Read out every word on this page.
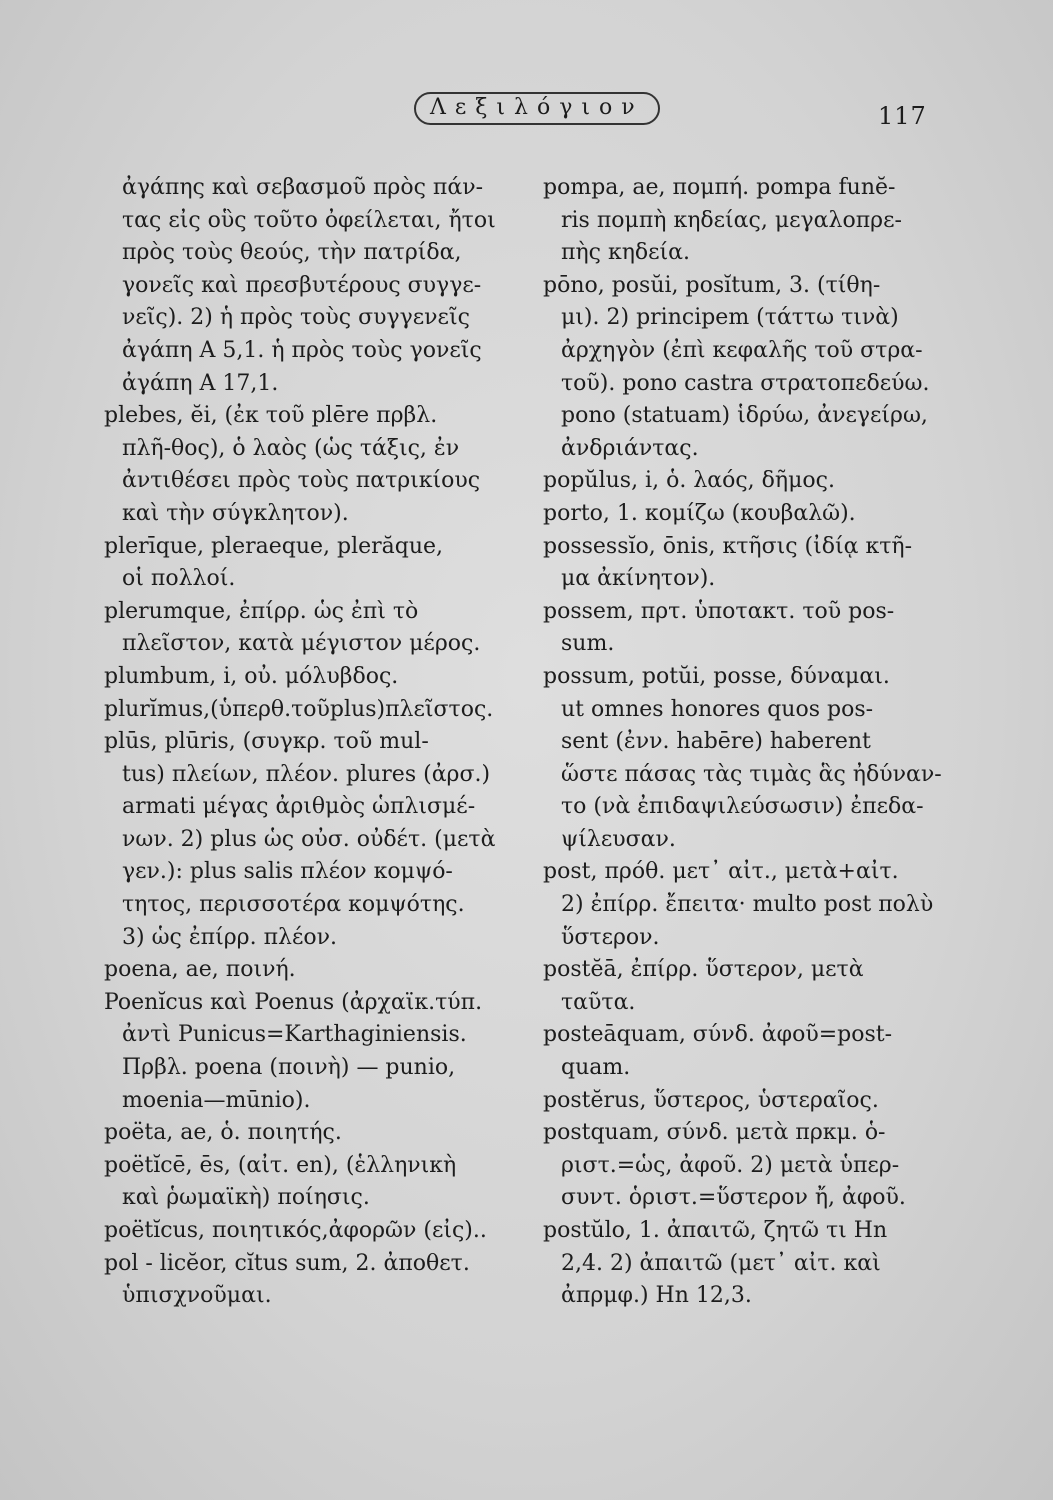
Λεξιλόγιον	117
ἀγάπης καὶ σεβασμοῦ πρὸς πάν-
τας εἰς οὓς τοῦτο ὀφείλεται, ἤτοι
πρὸς τοὺς θεούς, τὴν πατρίδα,
γονεῖς καὶ πρεσβυτέρους συγγε-
νεῖς). 2) ἡ πρὸς τοὺς συγγενεῖς
ἀγάπη Α 5,1. ἡ πρὸς τοὺς γονεῖς
ἀγάπη Α 17,1.
plebes, ĕi, (ἐκ τοῦ plēre πρβλ.
πλῆ-θος), ὁ λαὸς (ὡς τάξις, ἐν
ἀντιθέσει πρὸς τοὺς πατρικίους
καὶ τὴν σύγκλητον).
plerīque, pleraeque, plerăque,
οἱ πολλοί.
plerumque, ἐπίρρ. ὡς ἐπὶ τὸ
πλεῖστον, κατὰ μέγιστον μέρος.
plumbum, i, οὐ. μόλυβδος.
plurĭmus,(ὑπερθ.τοῦplus)πλεῖστος.
plūs, plūris, (συγκρ. τοῦ mul-
tus) πλείων, πλέον. plures (ἀρσ.)
armati μέγας ἀριθμὸς ὡπλισμέ-
νων. 2) plus ὡς οὐσ. οὐδέτ. (μετὰ
γεν.): plus salis πλέον κομψό-
τητος, περισσοτέρα κομψότης.
3) ὡς ἐπίρρ. πλέον.
poena, ae, ποινή.
Poenĭcus καὶ Poenus (ἀρχαϊκ.τύπ.
ἀντὶ Punicus=Karthaginiensis.
Πρβλ. poena (ποινὴ) — punio,
moenia—mūnio).
poëta, ae, ὁ. ποιητής.
poëtĭcē, ēs, (αἰτ. en), (ἑλληνικὴ
καὶ ῥωμαϊκὴ) ποίησις.
poëtĭcus, ποιητικός,ἀφορῶν (εἰς)..
pol - licĕor, cĭtus sum, 2. ἀποθετ.
ὑπισχνοῦμαι.
pompa, ae, πομπή. pompa funĕ-
ris πομπὴ κηδείας, μεγαλοπρε-
πὴς κηδεία.
pōno, posŭi, posĭtum, 3. (τίθη-
μι). 2) principem (τάττω τινὰ)
ἀρχηγὸν (ἐπὶ κεφαλῆς τοῦ στρα-
τοῦ). pono castra στρατοπεδεύω.
pono (statuam) ἱδρύω, ἀνεγείρω,
ἀνδριάντας.
popŭlus, i, ὁ. λαός, δῆμος.
porto, 1. κομίζω (κουβαλῶ).
possessĭo, ōnis, κτῆσις (ἰδίᾳ κτῆ-
μα ἀκίνητον).
possem, πρτ. ὑποτακτ. τοῦ pos-
sum.
possum, potŭi, posse, δύναμαι.
ut omnes honores quos pos-
sent (ἐνν. habēre) haberent
ὥστε πάσας τὰς τιμὰς ἃς ἠδύναν-
το (νὰ ἐπιδαψιλεύσωσιν) ἐπεδα-
ψίλευσαν.
post, πρόθ. μετ᾽ αἰτ., μετὰ+αἰτ.
2) ἐπίρρ. ἔπειτα· multo post πολὺ
ὕστερον.
postĕā, ἐπίρρ. ὕστερον, μετὰ
ταῦτα.
posteāquam, σύνδ. ἀφοῦ=post-
quam.
postĕrus, ὕστερος, ὑστεραῖος.
postquam, σύνδ. μετὰ πρκμ. ὁ-
ριστ.=ὡς, ἀφοῦ. 2) μετὰ ὑπερ-
συντ. ὁριστ.=ὕστερον ἤ, ἀφοῦ.
postŭlo, 1. ἀπαιτῶ, ζητῶ τι Hn
2,4. 2) ἀπαιτῶ (μετ᾽ αἰτ. καὶ
ἀπρμφ.) Hn 12,3.
